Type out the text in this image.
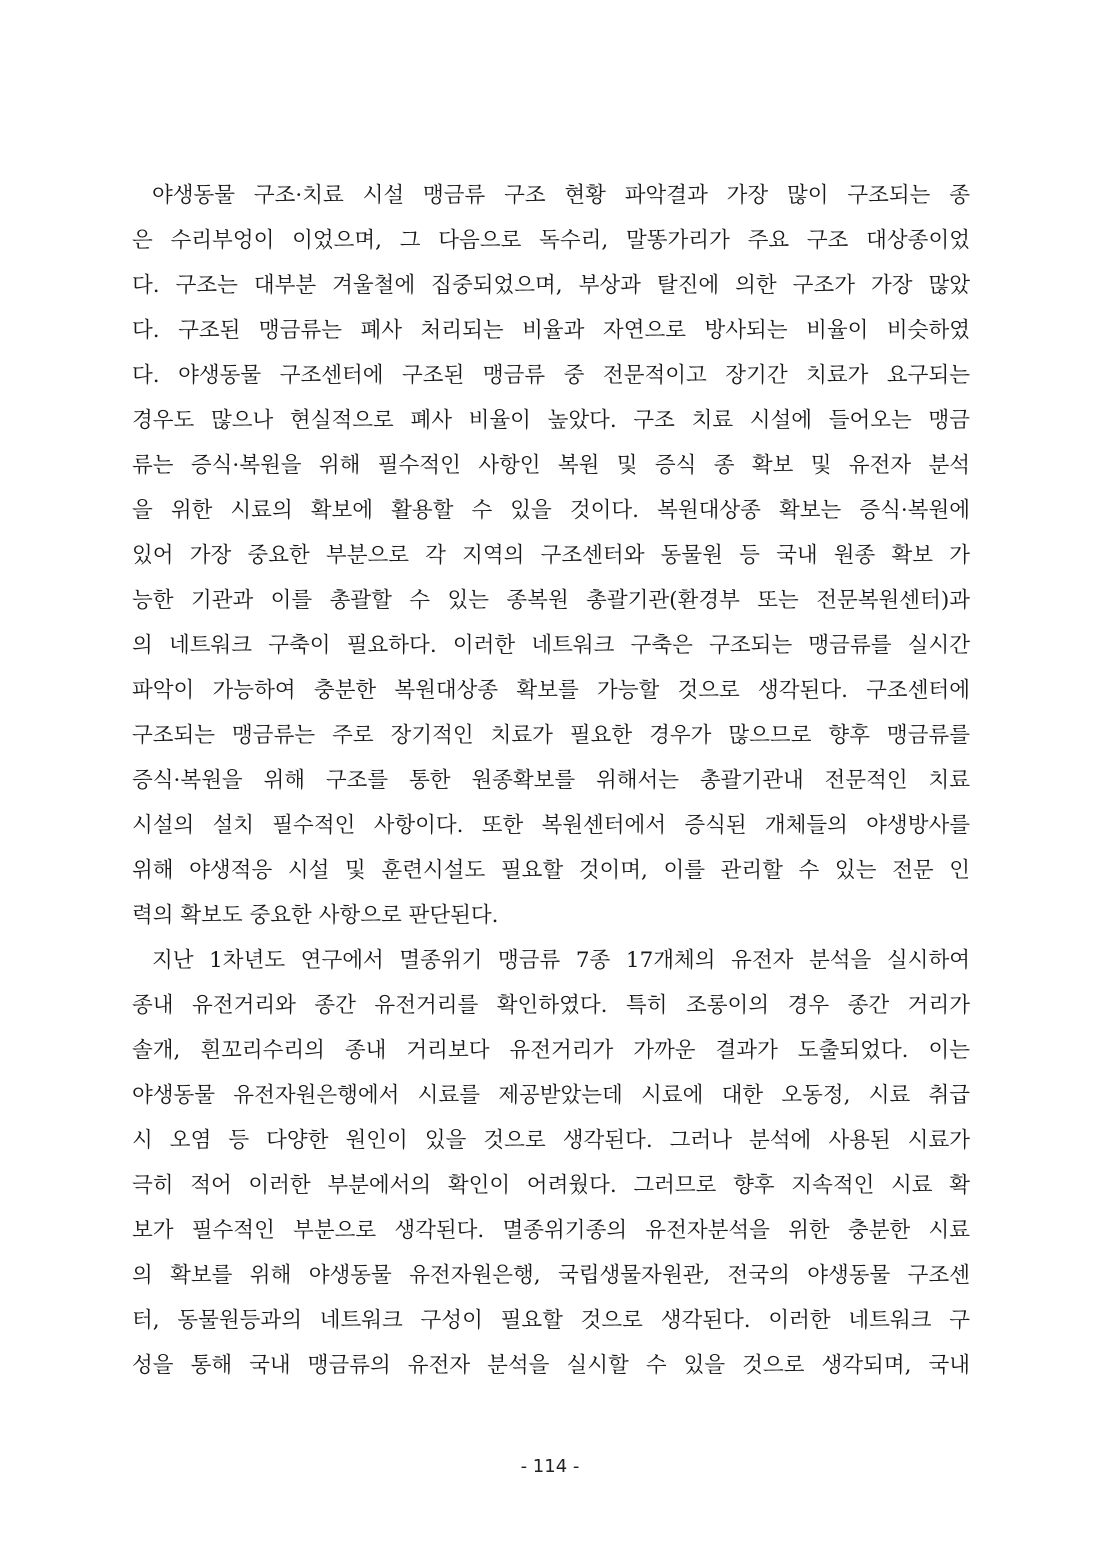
야생동물 구조·치료 시설 맹금류 구조 현황 파악결과 가장 많이 구조되는 종
은 수리부엉이 이었으며, 그 다음으로 독수리, 말똥가리가 주요 구조 대상종이었
다. 구조는 대부분 겨울철에 집중되었으며, 부상과 탈진에 의한 구조가 가장 많았
다. 구조된 맹금류는 폐사 처리되는 비율과 자연으로 방사되는 비율이 비슷하였
다. 야생동물 구조센터에 구조된 맹금류 중 전문적이고 장기간 치료가 요구되는
경우도 많으나 현실적으로 폐사 비율이 높았다. 구조 치료 시설에 들어오는 맹금
류는 증식·복원을 위해 필수적인 사항인 복원 및 증식 종 확보 및 유전자 분석
을 위한 시료의 확보에 활용할 수 있을 것이다. 복원대상종 확보는 증식·복원에
있어 가장 중요한 부분으로 각 지역의 구조센터와 동물원 등 국내 원종 확보 가
능한 기관과 이를 총괄할 수 있는 종복원 총괄기관(환경부 또는 전문복원센터)과
의 네트워크 구축이 필요하다. 이러한 네트워크 구축은 구조되는 맹금류를 실시간
파악이 가능하여 충분한 복원대상종 확보를 가능할 것으로 생각된다. 구조센터에
구조되는 맹금류는 주로 장기적인 치료가 필요한 경우가 많으므로 향후 맹금류를
증식·복원을 위해 구조를 통한 원종확보를 위해서는 총괄기관내 전문적인 치료
시설의 설치 필수적인 사항이다. 또한 복원센터에서 증식된 개체들의 야생방사를
위해 야생적응 시설 및 훈련시설도 필요할 것이며, 이를 관리할 수 있는 전문 인
력의 확보도 중요한 사항으로 판단된다.
지난 1차년도 연구에서 멸종위기 맹금류 7종 17개체의 유전자 분석을 실시하여
종내 유전거리와 종간 유전거리를 확인하였다. 특히 조롱이의 경우 종간 거리가
솔개, 흰꼬리수리의 종내 거리보다 유전거리가 가까운 결과가 도출되었다. 이는
야생동물 유전자원은행에서 시료를 제공받았는데 시료에 대한 오동정, 시료 취급
시 오염 등 다양한 원인이 있을 것으로 생각된다. 그러나 분석에 사용된 시료가
극히 적어 이러한 부분에서의 확인이 어려웠다. 그러므로 향후 지속적인 시료 확
보가 필수적인 부분으로 생각된다. 멸종위기종의 유전자분석을 위한 충분한 시료
의 확보를 위해 야생동물 유전자원은행, 국립생물자원관, 전국의 야생동물 구조센
터, 동물원등과의 네트워크 구성이 필요할 것으로 생각된다. 이러한 네트워크 구
성을 통해 국내 맹금류의 유전자 분석을 실시할 수 있을 것으로 생각되며, 국내
- 114 -
